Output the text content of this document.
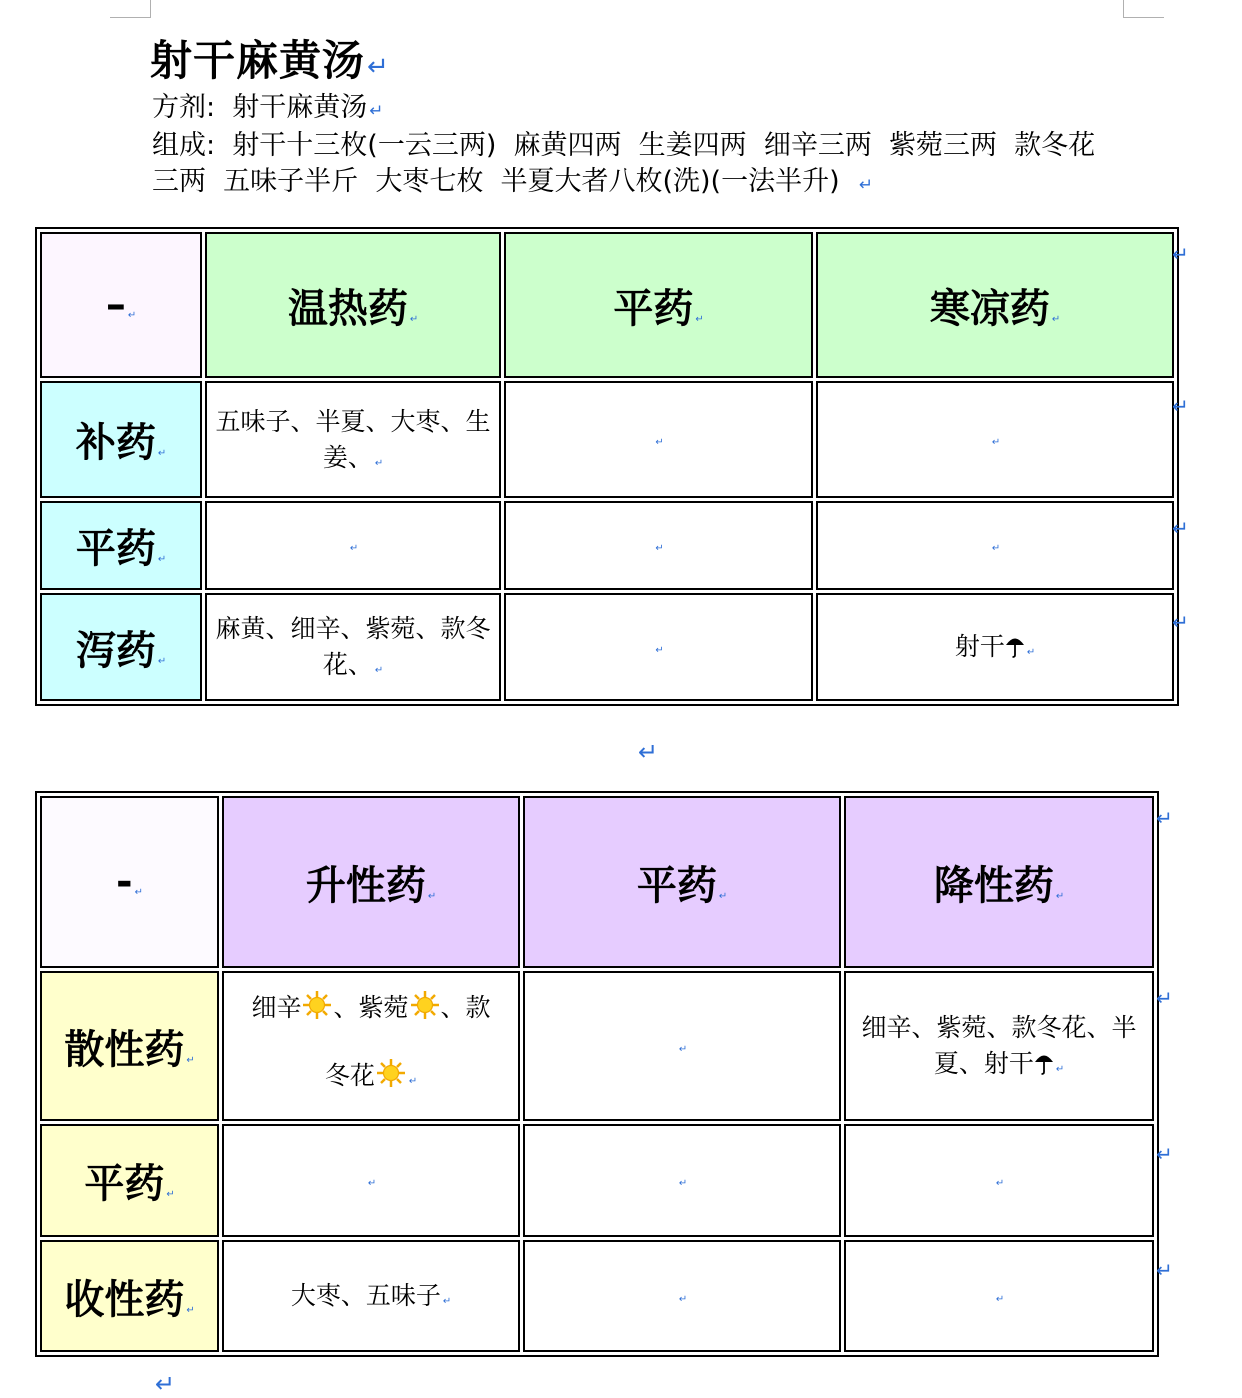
射干麻黄汤↵
方剂: 射干麻黄汤 ↵
组成: 射干十三枚(一云三两)  麻黄四两  生姜四两  细辛三两  紫菀三两  款冬花
三两  五味子半斤  大枣七枚  半夏大者八枚(洗)(一法半升) ↵
– ↵	温热药 ↵	平药 ↵	寒凉药 ↵
补药 ↵	五味子、半夏、大枣、生姜、 ↵	↵	↵
平药 ↵	↵	↵	↵
泻药 ↵	麻黄、细辛、紫菀、款冬花、 ↵	↵	射干 ↵
↵
↵
↵
↵
↵
- ↵	升性药 ↵	平药 ↵	降性药 ↵
散性药 ↵	细辛 、紫菀 、款
冬花 ↵	↵	细辛、紫菀、款冬花、半夏、射干 ↵
平药 ↵	↵	↵	↵
收性药 ↵	大枣、五味子 ↵	↵	↵
↵
↵
↵
↵
↵
